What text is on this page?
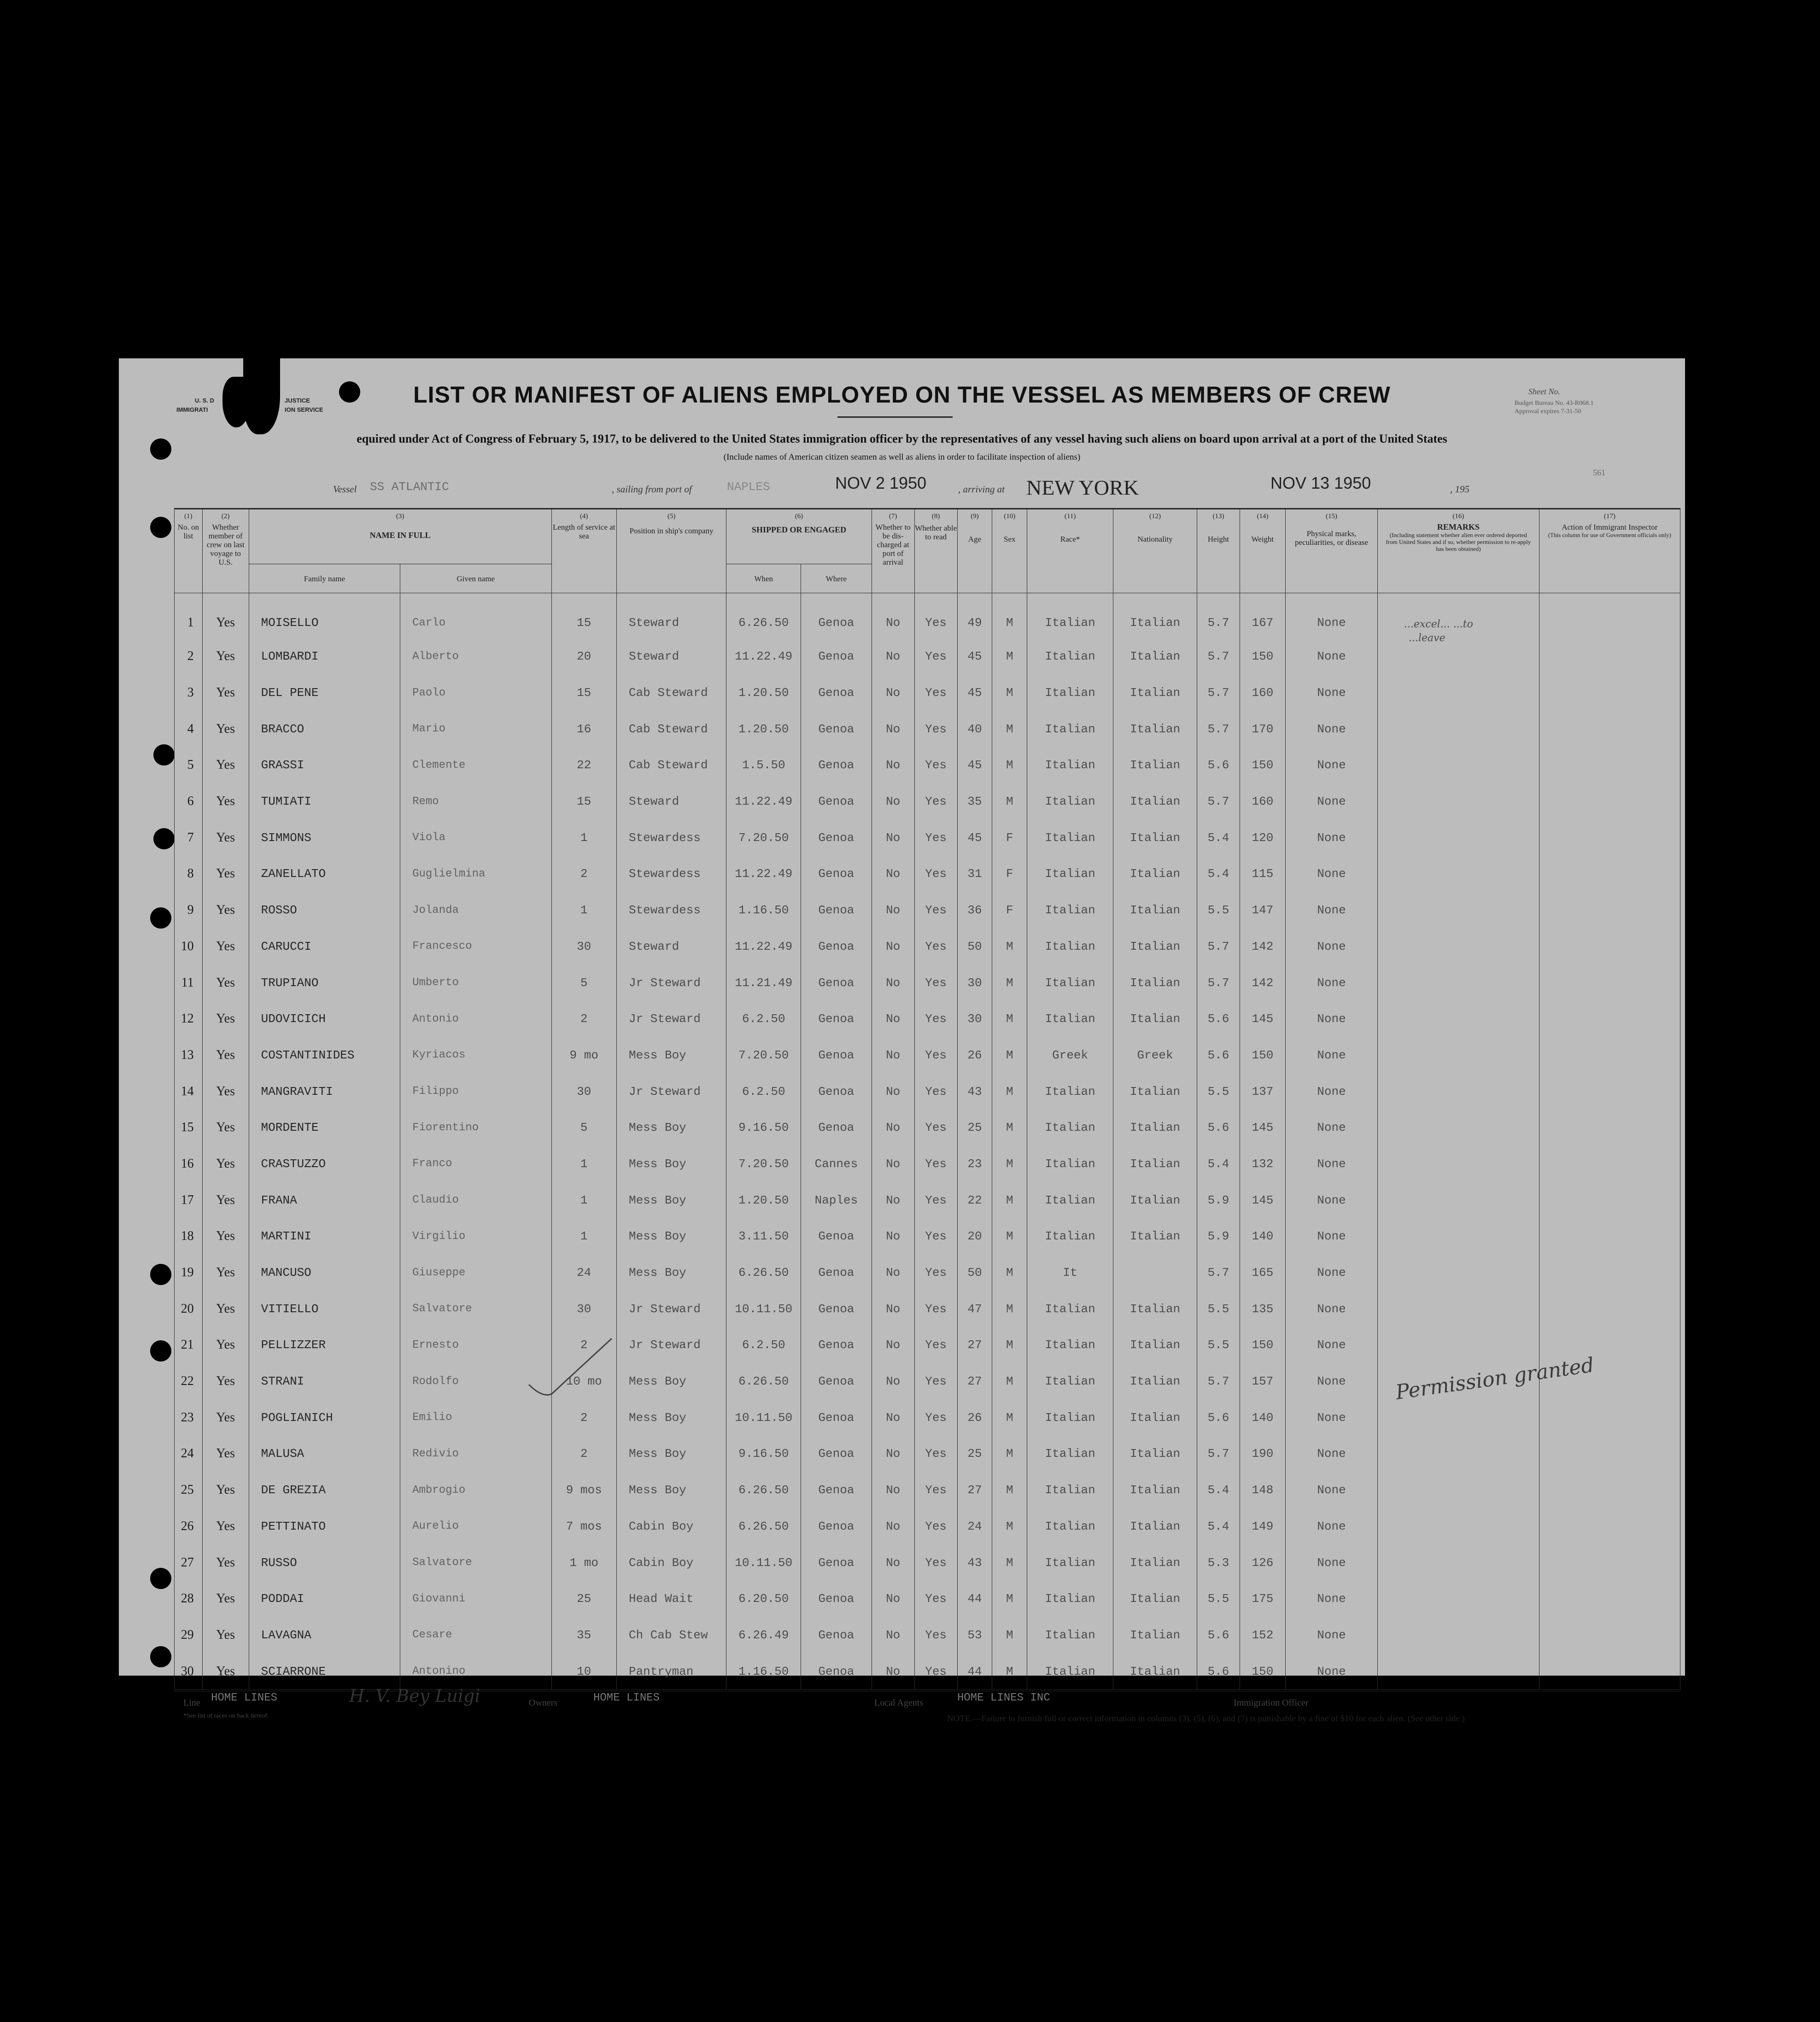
U. S. D
IMMIGRATI
JUSTICE
ION SERVICE
Sheet No.
Budget Bureau No. 43-R068.1
Approval expires 7-31-50
561
LIST OR MANIFEST OF ALIENS EMPLOYED ON THE VESSEL AS MEMBERS OF CREW
equired under Act of Congress of February 5, 1917, to be delivered to the United States immigration officer by the representatives of any vessel having such aliens on board upon arrival at a port of the United States
(Include names of American citizen seamen as well as aliens in order to facilitate inspection of aliens)
Vessel SS ATLANTIC	, sailing from port of	NAPLES	NOV 2 1950	, arriving at NEW YORK	NOV 13 1950	, 195
(1)
No. on list	(2)
Whether member of crew on last voyage to U.S.	(3)
NAME IN FULL		(4)
Length of service at sea	(5)
Position in ship's company	(6)
SHIPPED OR ENGAGED		(7)
Whether to be dis-charged at port of arrival	(8)
Whether able to read	(9)
Age	(10)
Sex	(11)
Race*	(12)
Nationality	(13)
Height	(14)
Weight	(15)
Physical marks, peculiarities, or disease	(16)
REMARKS
(Including statement whether alien ever ordered deported from United States and if so, whether permission to re-apply has been obtained)	(17)
Action of Immigrant Inspector
(This column for use of Government officials only)

		Family name	Given name			When	Where											
1	Yes	MOISELLO	Carlo	15	Steward	6.26.50	Genoa	No	Yes	49	M	Italian	Italian	5.7	167	None		
2	Yes	LOMBARDI	Alberto	20	Steward	11.22.49	Genoa	No	Yes	45	M	Italian	Italian	5.7	150	None		
3	Yes	DEL PENE	Paolo	15	Cab Steward	1.20.50	Genoa	No	Yes	45	M	Italian	Italian	5.7	160	None		
4	Yes	BRACCO	Mario	16	Cab Steward	1.20.50	Genoa	No	Yes	40	M	Italian	Italian	5.7	170	None		
5	Yes	GRASSI	Clemente	22	Cab Steward	1.5.50	Genoa	No	Yes	45	M	Italian	Italian	5.6	150	None		
6	Yes	TUMIATI	Remo	15	Steward	11.22.49	Genoa	No	Yes	35	M	Italian	Italian	5.7	160	None		
7	Yes	SIMMONS	Viola	1	Stewardess	7.20.50	Genoa	No	Yes	45	F	Italian	Italian	5.4	120	None		
8	Yes	ZANELLATO	Guglielmina	2	Stewardess	11.22.49	Genoa	No	Yes	31	F	Italian	Italian	5.4	115	None		
9	Yes	ROSSO	Jolanda	1	Stewardess	1.16.50	Genoa	No	Yes	36	F	Italian	Italian	5.5	147	None		
10	Yes	CARUCCI	Francesco	30	Steward	11.22.49	Genoa	No	Yes	50	M	Italian	Italian	5.7	142	None		
11	Yes	TRUPIANO	Umberto	5	Jr Steward	11.21.49	Genoa	No	Yes	30	M	Italian	Italian	5.7	142	None		
12	Yes	UDOVICICH	Antonio	2	Jr Steward	6.2.50	Genoa	No	Yes	30	M	Italian	Italian	5.6	145	None		
13	Yes	COSTANTINIDES	Kyriacos	9 mo	Mess Boy	7.20.50	Genoa	No	Yes	26	M	Greek	Greek	5.6	150	None		
14	Yes	MANGRAVITI	Filippo	30	Jr Steward	6.2.50	Genoa	No	Yes	43	M	Italian	Italian	5.5	137	None		
15	Yes	MORDENTE	Fiorentino	5	Mess Boy	9.16.50	Genoa	No	Yes	25	M	Italian	Italian	5.6	145	None		
16	Yes	CRASTUZZO	Franco	1	Mess Boy	7.20.50	Cannes	No	Yes	23	M	Italian	Italian	5.4	132	None		
17	Yes	FRANA	Claudio	1	Mess Boy	1.20.50	Naples	No	Yes	22	M	Italian	Italian	5.9	145	None		
18	Yes	MARTINI	Virgilio	1	Mess Boy	3.11.50	Genoa	No	Yes	20	M	Italian	Italian	5.9	140	None		
19	Yes	MANCUSO	Giuseppe	24	Mess Boy	6.26.50	Genoa	No	Yes	50	M	It		5.7	165	None		
20	Yes	VITIELLO	Salvatore	30	Jr Steward	10.11.50	Genoa	No	Yes	47	M	Italian	Italian	5.5	135	None		
21	Yes	PELLIZZER	Ernesto	2	Jr Steward	6.2.50	Genoa	No	Yes	27	M	Italian	Italian	5.5	150	None		
22	Yes	STRANI	Rodolfo	10 mo	Mess Boy	6.26.50	Genoa	No	Yes	27	M	Italian	Italian	5.7	157	None		
23	Yes	POGLIANICH	Emilio	2	Mess Boy	10.11.50	Genoa	No	Yes	26	M	Italian	Italian	5.6	140	None		
24	Yes	MALUSA	Redivio	2	Mess Boy	9.16.50	Genoa	No	Yes	25	M	Italian	Italian	5.7	190	None		
25	Yes	DE GREZIA	Ambrogio	9 mos	Mess Boy	6.26.50	Genoa	No	Yes	27	M	Italian	Italian	5.4	148	None		
26	Yes	PETTINATO	Aurelio	7 mos	Cabin Boy	6.26.50	Genoa	No	Yes	24	M	Italian	Italian	5.4	149	None		
27	Yes	RUSSO	Salvatore	1 mo	Cabin Boy	10.11.50	Genoa	No	Yes	43	M	Italian	Italian	5.3	126	None		
28	Yes	PODDAI	Giovanni	25	Head Wait	6.20.50	Genoa	No	Yes	44	M	Italian	Italian	5.5	175	None		
29	Yes	LAVAGNA	Cesare	35	Ch Cab Stew	6.26.49	Genoa	No	Yes	53	M	Italian	Italian	5.6	152	None		
30	Yes	SCIARRONE	Antonino	10	Pantryman	1.16.50	Genoa	No	Yes	44	M	Italian	Italian	5.6	150	None		

...excel... ...to
...leave
Permission granted
Line HOME LINES	H. V. Bey Luigi	Owners	HOME LINES	Local Agents	HOME LINES INC	Immigration Officer
*See list of races on back hereof.	NOTE.—Failure to furnish full or correct information in columns (3), (5), (6), and (7) is punishable by a fine of $10 for each alien. (See other side.)
